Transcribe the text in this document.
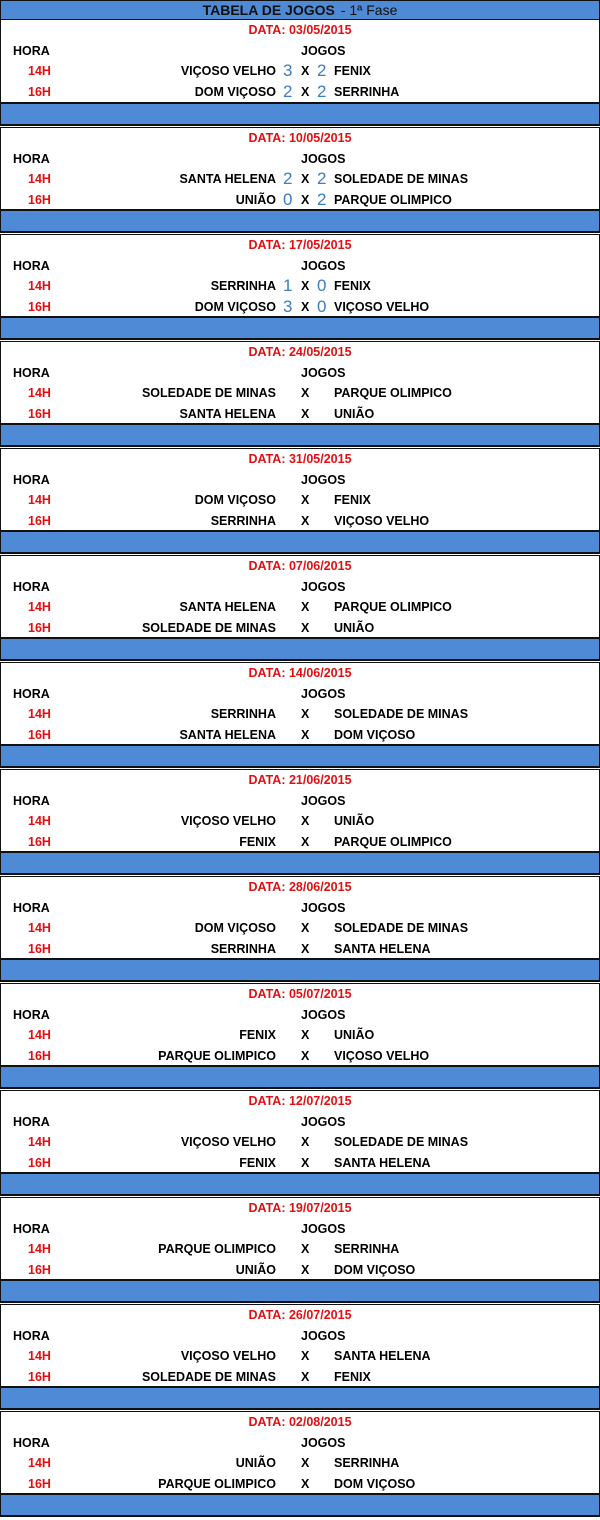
TABELA DE JOGOS - 1ª Fase
DATA: 03/05/2015
HORA	JOGOS
14H	VIÇOSO VELHO 3 X 2 FENIX
16H	DOM VIÇOSO 2 X 2 SERRINHA
DATA: 10/05/2015
HORA	JOGOS
14H	SANTA HELENA 2 X 2 SOLEDADE DE MINAS
16H	UNIÃO 0 X 2 PARQUE OLIMPICO
DATA: 17/05/2015
HORA	JOGOS
14H	SERRINHA 1 X 0 FENIX
16H	DOM VIÇOSO 3 X 0 VIÇOSO VELHO
DATA: 24/05/2015
HORA	JOGOS
14H	SOLEDADE DE MINAS X PARQUE OLIMPICO
16H	SANTA HELENA X UNIÃO
DATA: 31/05/2015
HORA	JOGOS
14H	DOM VIÇOSO X FENIX
16H	SERRINHA X VIÇOSO VELHO
DATA: 07/06/2015
HORA	JOGOS
14H	SANTA HELENA X PARQUE OLIMPICO
16H	SOLEDADE DE MINAS X UNIÃO
DATA: 14/06/2015
HORA	JOGOS
14H	SERRINHA X SOLEDADE DE MINAS
16H	SANTA HELENA X DOM VIÇOSO
DATA: 21/06/2015
HORA	JOGOS
14H	VIÇOSO VELHO X UNIÃO
16H	FENIX X PARQUE OLIMPICO
DATA: 28/06/2015
HORA	JOGOS
14H	DOM VIÇOSO X SOLEDADE DE MINAS
16H	SERRINHA X SANTA HELENA
DATA: 05/07/2015
HORA	JOGOS
14H	FENIX X UNIÃO
16H	PARQUE OLIMPICO X VIÇOSO VELHO
DATA: 12/07/2015
HORA	JOGOS
14H	VIÇOSO VELHO X SOLEDADE DE MINAS
16H	FENIX X SANTA HELENA
DATA: 19/07/2015
HORA	JOGOS
14H	PARQUE OLIMPICO X SERRINHA
16H	UNIÃO X DOM VIÇOSO
DATA: 26/07/2015
HORA	JOGOS
14H	VIÇOSO VELHO X SANTA HELENA
16H	SOLEDADE DE MINAS X FENIX
DATA: 02/08/2015
HORA	JOGOS
14H	UNIÃO X SERRINHA
16H	PARQUE OLIMPICO X DOM VIÇOSO
